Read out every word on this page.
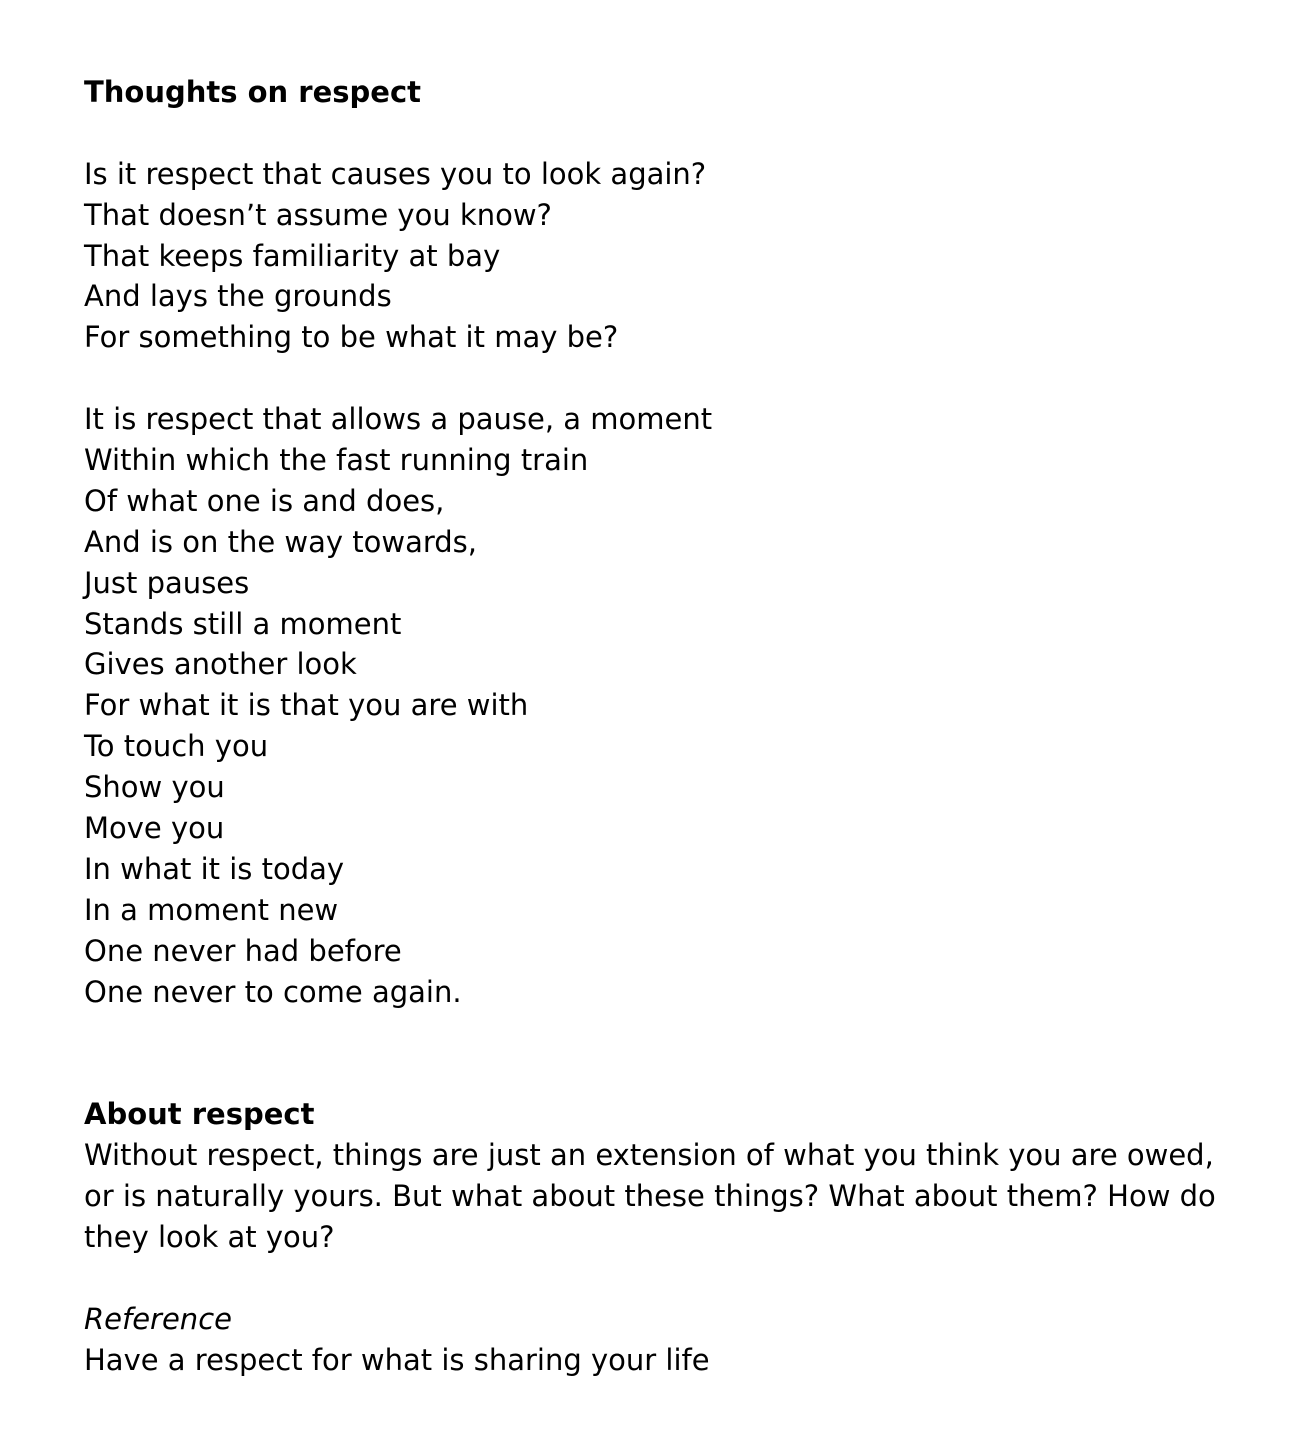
Thoughts on respect
Is it respect that causes you to look again?
That doesn’t assume you know?
That keeps familiarity at bay
And lays the grounds
For something to be what it may be?
It is respect that allows a pause, a moment
Within which the fast running train
Of what one is and does,
And is on the way towards,
Just pauses
Stands still a moment
Gives another look
For what it is that you are with
To touch you
Show you
Move you
In what it is today
In a moment new
One never had before
One never to come again.
About respect

Without respect, things are just an extension of what you think you are owed, or is naturally yours. But what about these things? What about them? How do they look at you?

Reference
Have a respect for what is sharing your life
